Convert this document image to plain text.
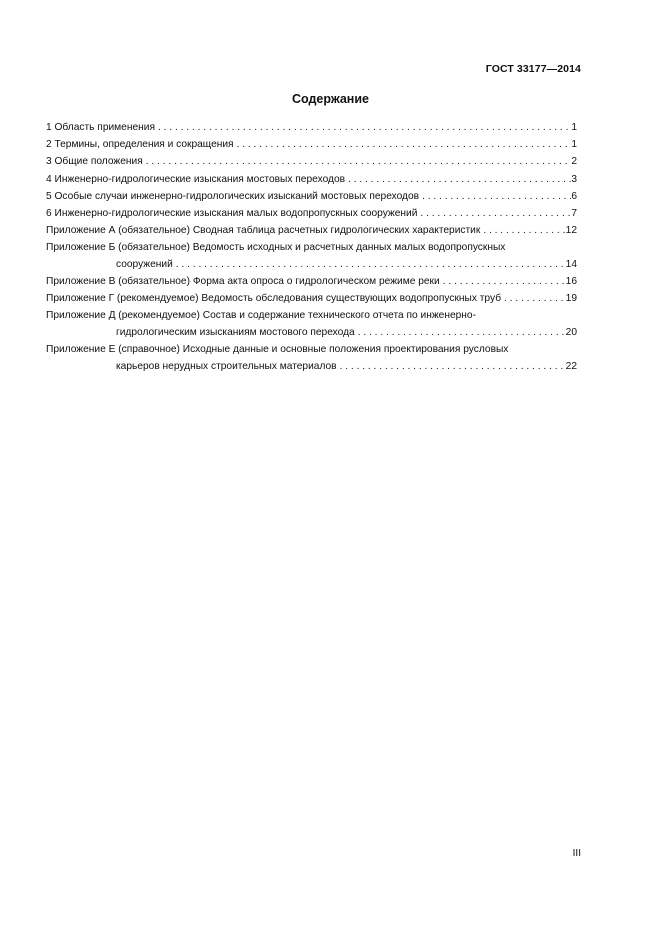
ГОСТ 33177—2014
Содержание
1 Область применения . . .	1
2 Термины, определения и сокращения . . .	1
3 Общие положения . . .	2
4 Инженерно-гидрологические изыскания мостовых переходов . . .	3
5 Особые случаи инженерно-гидрологических изысканий мостовых переходов . . .	6
6 Инженерно-гидрологические изыскания малых водопропускных сооружений . . .	7
Приложение А (обязательное) Сводная таблица расчетных гидрологических характеристик . . .	12
Приложение Б (обязательное) Ведомость исходных и расчетных данных малых водопропускных
сооружений . . .	14
Приложение В (обязательное) Форма акта опроса о гидрологическом режиме реки . . .	16
Приложение Г (рекомендуемое) Ведомость обследования существующих водопропускных труб . . .	19
Приложение Д (рекомендуемое) Состав и содержание технического отчета по инженерно-
гидрологическим изысканиям мостового перехода . . .	20
Приложение Е (справочное) Исходные данные и основные положения проектирования русловых
карьеров нерудных строительных материалов . . .	22
III
